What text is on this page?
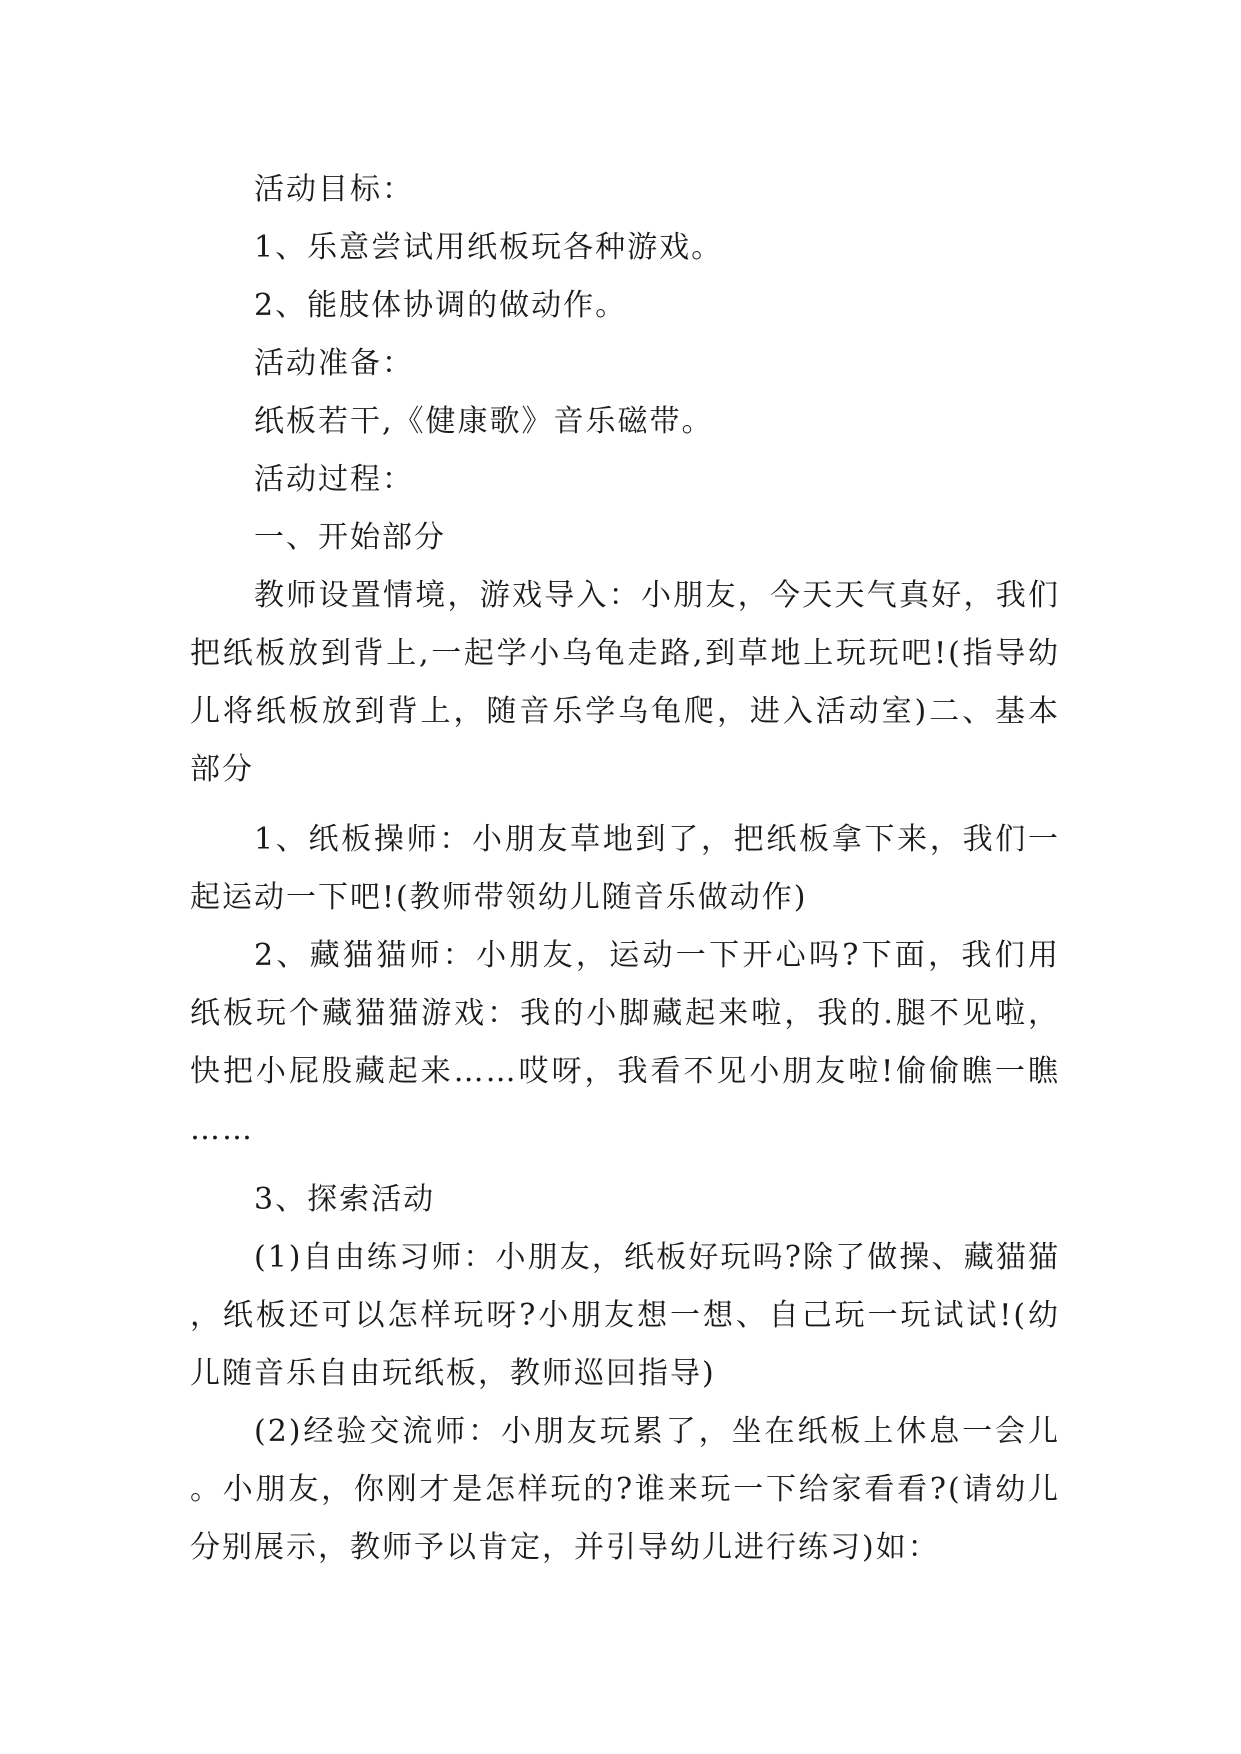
活动目标：

1、乐意尝试用纸板玩各种游戏。

2、能肢体协调的做动作。

活动准备：

纸板若干,《健康歌》音乐磁带。

活动过程：

一、开始部分

教师设置情境，游戏导入：小朋友，今天天气真好，我们把纸板放到背上,一起学小乌龟走路,到草地上玩玩吧!(指导幼儿将纸板放到背上，随音乐学乌龟爬，进入活动室)二、基本部分

1、纸板操师：小朋友草地到了，把纸板拿下来，我们一起运动一下吧!(教师带领幼儿随音乐做动作)

2、藏猫猫师：小朋友，运动一下开心吗?下面，我们用纸板玩个藏猫猫游戏：我的小脚藏起来啦，我的.腿不见啦，快把小屁股藏起来……哎呀，我看不见小朋友啦!偷偷瞧一瞧……

3、探索活动

(1)自由练习师：小朋友，纸板好玩吗?除了做操、藏猫猫，纸板还可以怎样玩呀?小朋友想一想、自己玩一玩试试!(幼儿随音乐自由玩纸板，教师巡回指导)

(2)经验交流师：小朋友玩累了，坐在纸板上休息一会儿。小朋友，你刚才是怎样玩的?谁来玩一下给家看看?(请幼儿分别展示，教师予以肯定，并引导幼儿进行练习)如：
